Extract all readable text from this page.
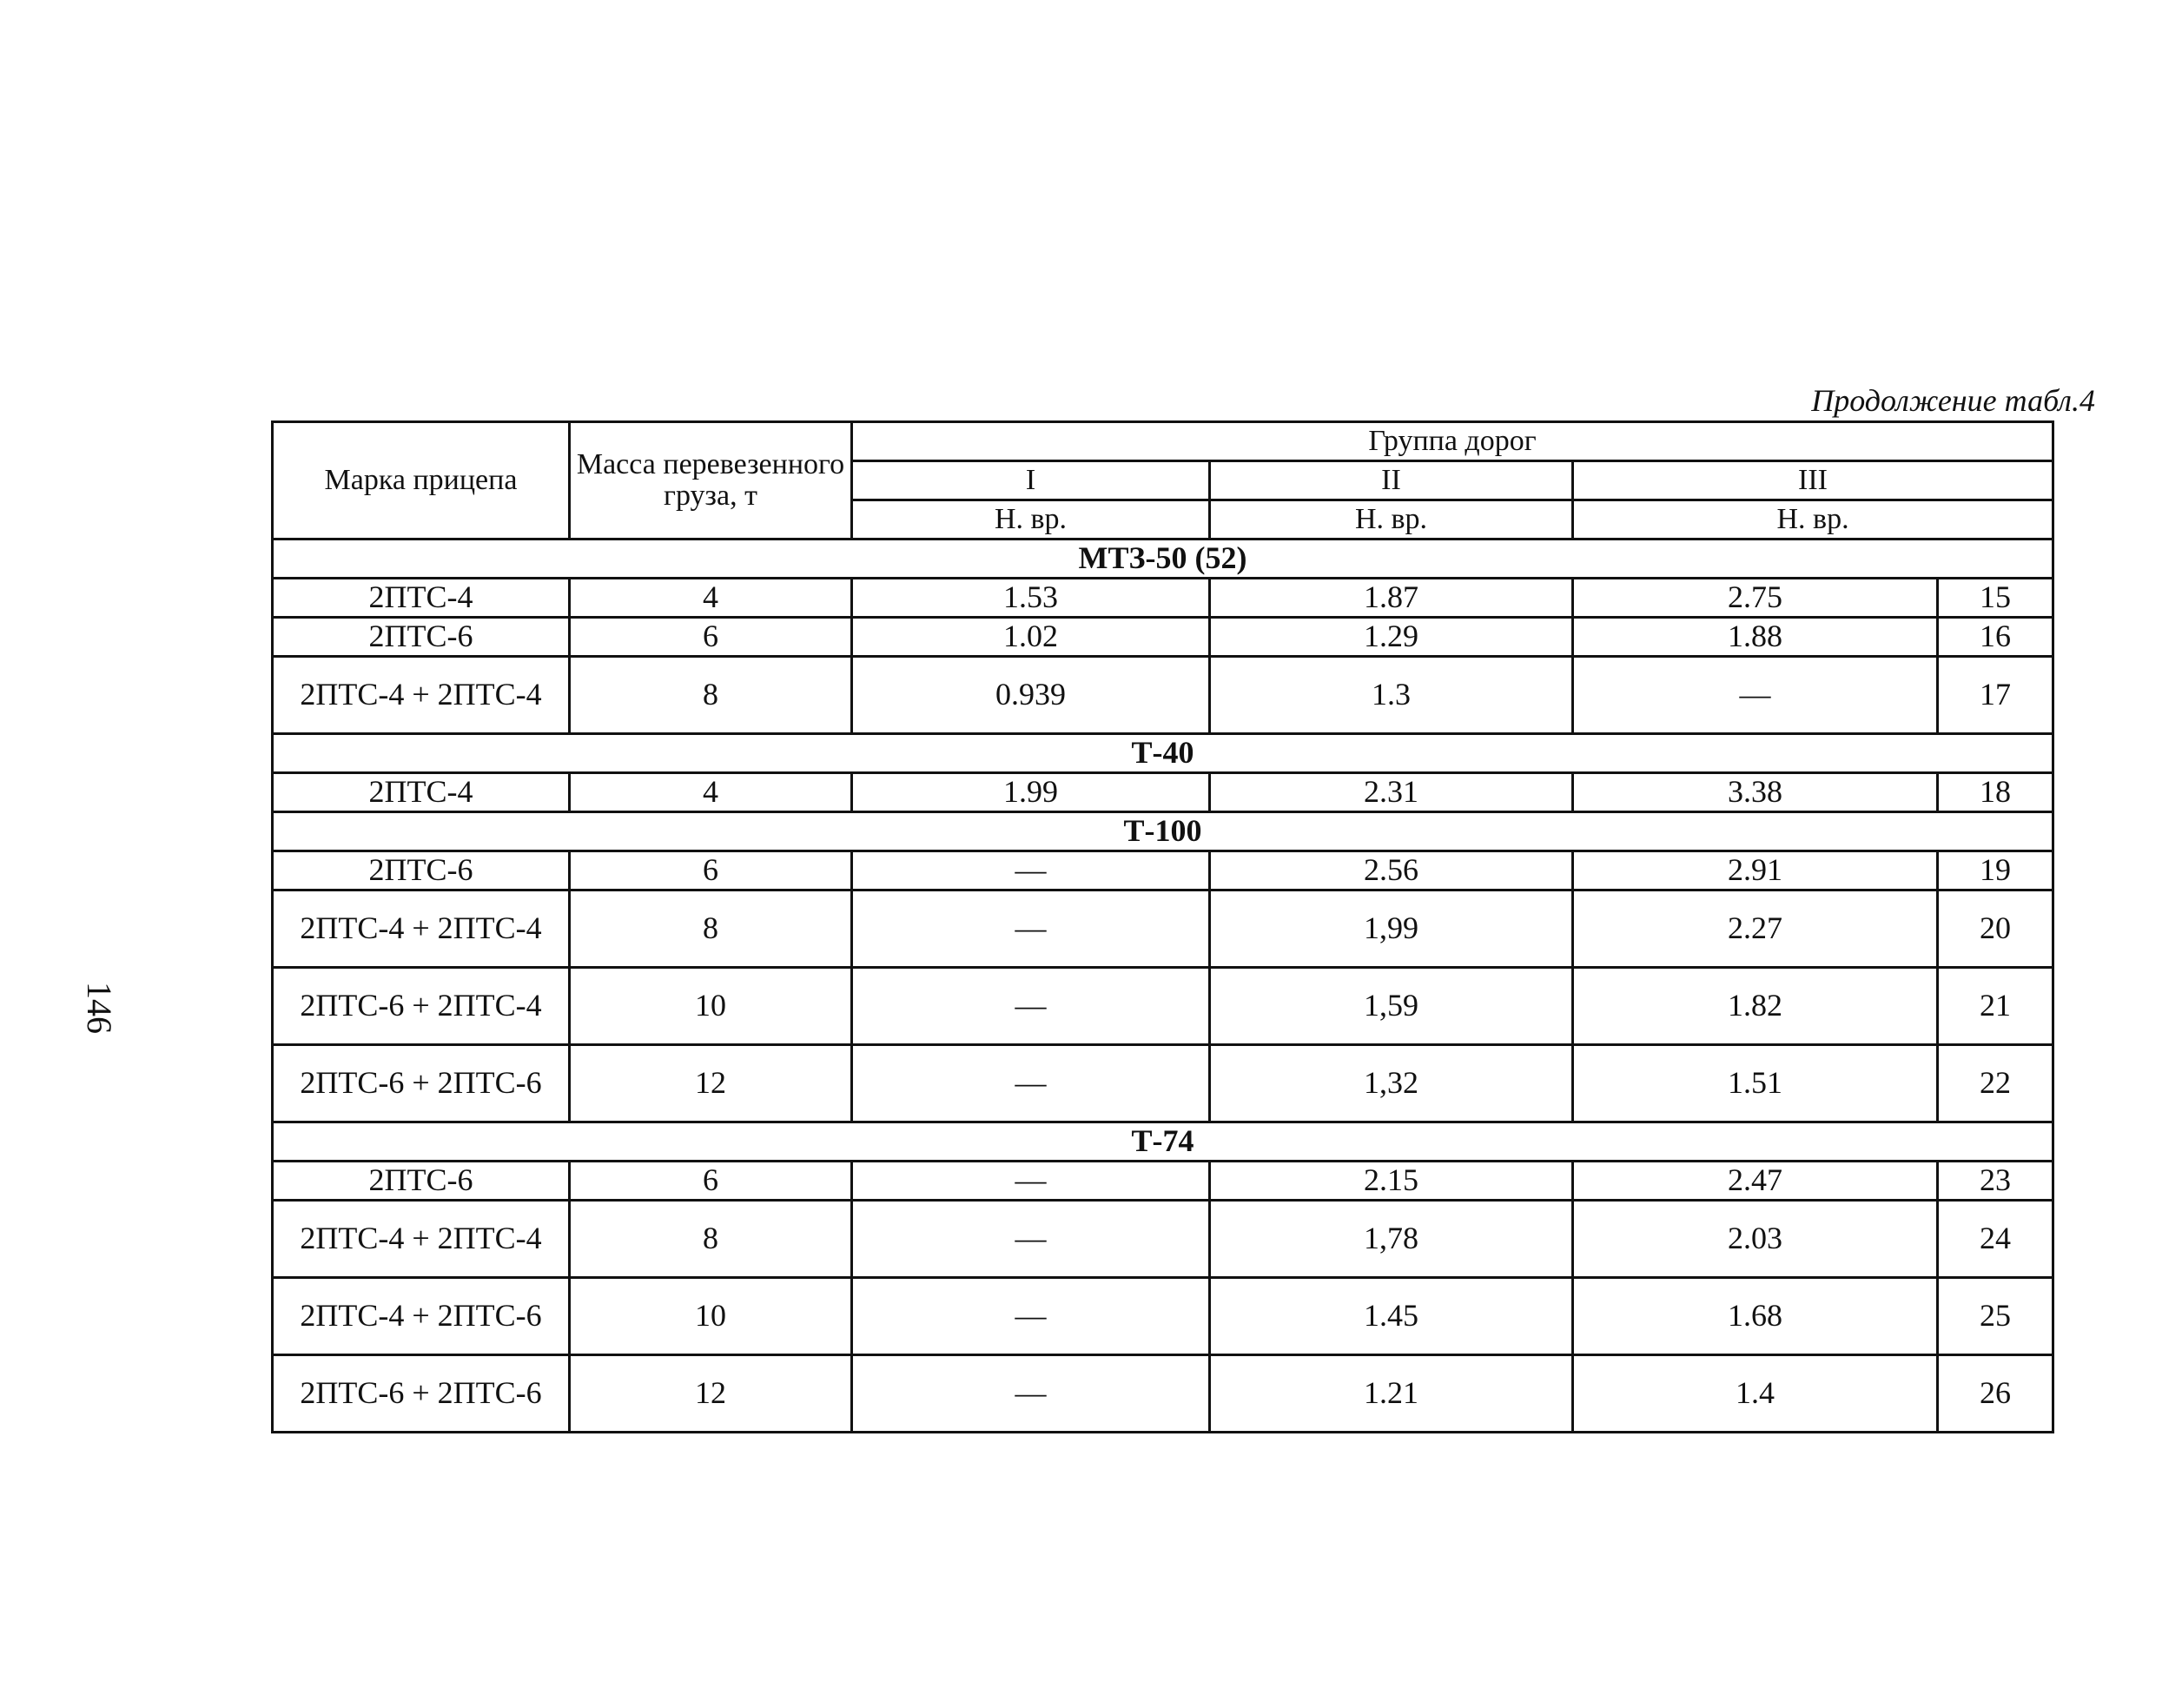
146
Продолжение табл.4
Марка прицепа	Масса перевезенного груза, т	Группа дорог			
		I	II	III	
		Н. вр.	Н. вр.	Н. вр.	
МТЗ-50 (52)					
2ПТС-4	4	1.53	1.87	2.75	15
2ПТС-6	6	1.02	1.29	1.88	16
2ПТС-4 + 2ПТС-4	8	0.939	1.3	—	17
Т-40					
2ПТС-4	4	1.99	2.31	3.38	18
Т-100					
2ПТС-6	6	—	2.56	2.91	19
2ПТС-4 + 2ПТС-4	8	—	1,99	2.27	20
2ПТС-6 + 2ПТС-4	10	—	1,59	1.82	21
2ПТС-6 + 2ПТС-6	12	—	1,32	1.51	22
Т-74					
2ПТС-6	6	—	2.15	2.47	23
2ПТС-4 + 2ПТС-4	8	—	1,78	2.03	24
2ПТС-4 + 2ПТС-6	10	—	1.45	1.68	25
2ПТС-6 + 2ПТС-6	12	—	1.21	1.4	26
